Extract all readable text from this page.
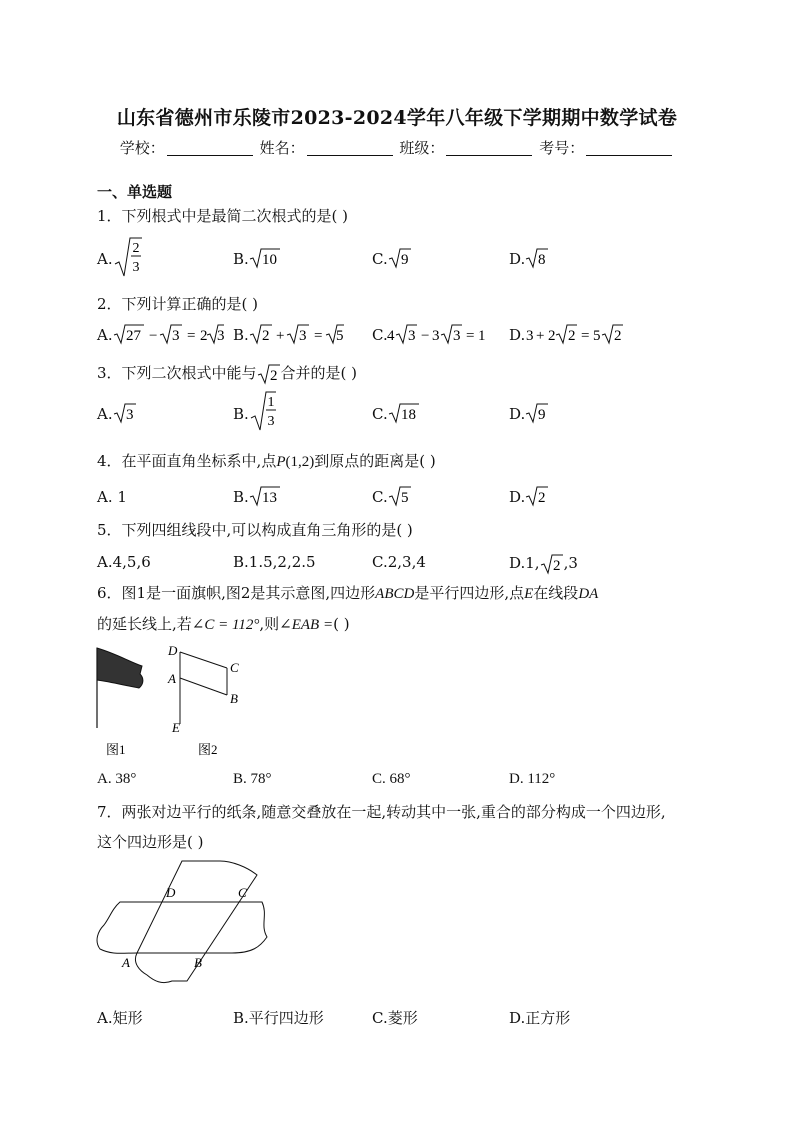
山东省德州市乐陵市2023-2024学年八年级下学期期中数学试卷
学校：	姓名：	班级：	考号：
一、单选题
1．下列根式中是最简二次根式的是( )
A.
2
3	B. 10	C. 9	D. 8
2．下列计算正确的是( )
A. 27 − 3 = 2 3 B. 2 + 3 = 5 C. 4 3 − 3 3 = 1 D. 3 + 2 2 = 5 2
3．下列二次根式中能与 2 合并的是( )
A. 3	B.
1
3	C. 18	D. 9
4．在平面直角坐标系中,点P(1,2)到原点的距离是( )
A. 1	B. 13	C. 5	D. 2
5．下列四组线段中,可以构成直角三角形的是( )
A.4,5,6	B.1.5,2,2.5	C.2,3,4	D.1, 2 ,3
6．图1是一面旗帜,图2是其示意图,四边形ABCD是平行四边形,点E在线段DA
的延长线上,若∠C = 112°,则∠EAB =( )
D
C
A
B
E
图1	图2
A. 38°	B. 78°	C. 68°	D. 112°
7．两张对边平行的纸条,随意交叠放在一起,转动其中一张,重合的部分构成一个四边形,
这个四边形是( )
D	C
A	B
A.矩形	B.平行四边形	C.菱形	D.正方形
